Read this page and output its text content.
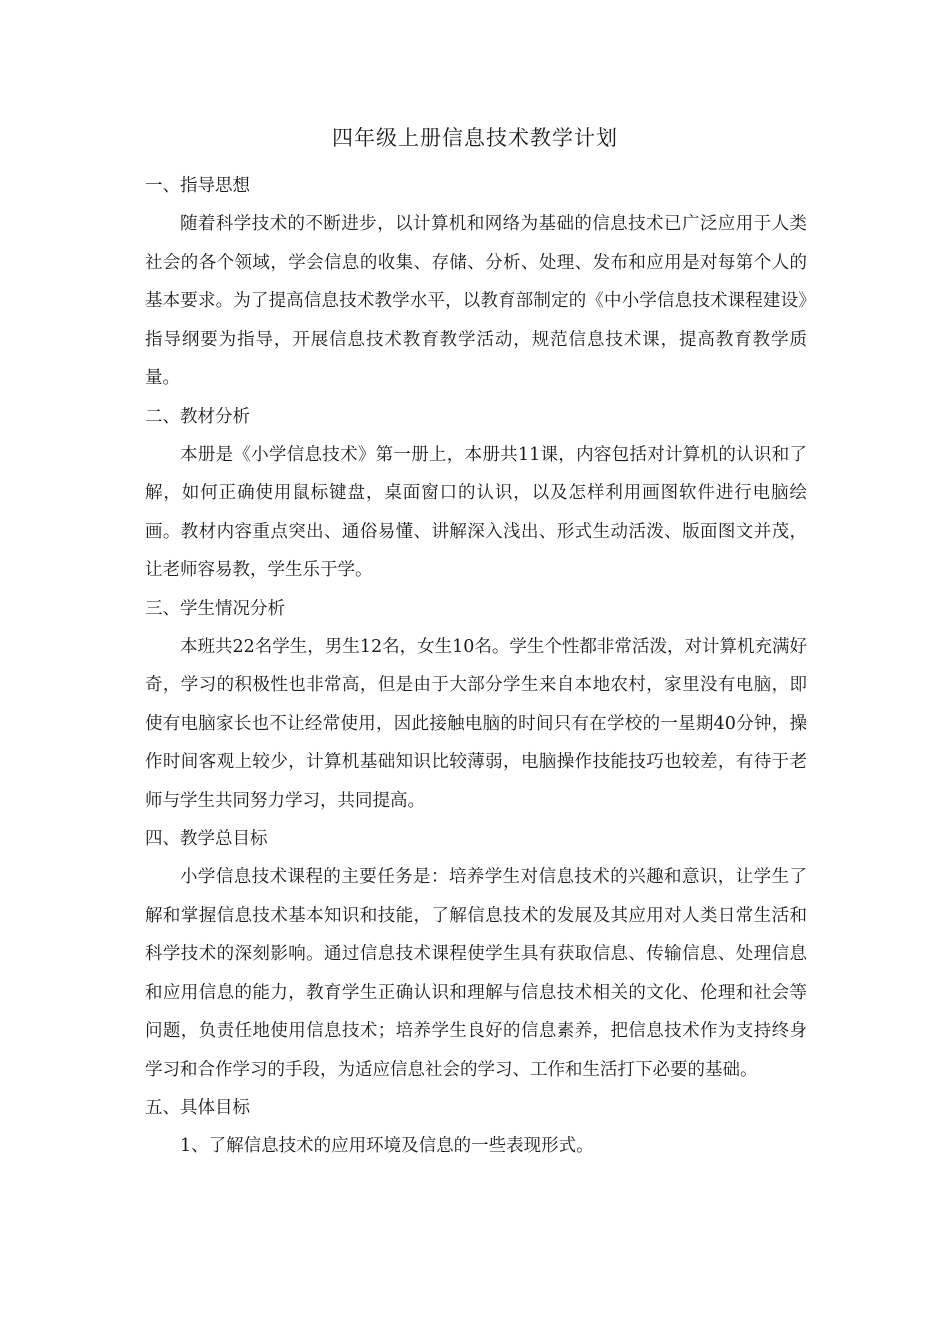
四年级上册信息技术教学计划

一、指导思想

随着科学技术的不断进步，以计算机和网络为基础的信息技术已广泛应用于人类社会的各个领域，学会信息的收集、存储、分析、处理、发布和应用是对每第个人的基本要求。为了提高信息技术教学水平，以教育部制定的《中小学信息技术课程建设》指导纲要为指导，开展信息技术教育教学活动，规范信息技术课，提高教育教学质量。

二、教材分析

本册是《小学信息技术》第一册上，本册共11课，内容包括对计算机的认识和了解，如何正确使用鼠标键盘，桌面窗口的认识，以及怎样利用画图软件进行电脑绘画。教材内容重点突出、通俗易懂、讲解深入浅出、形式生动活泼、版面图文并茂，让老师容易教，学生乐于学。

三、学生情况分析

本班共22名学生，男生12名，女生10名。学生个性都非常活泼，对计算机充满好奇，学习的积极性也非常高，但是由于大部分学生来自本地农村，家里没有电脑，即使有电脑家长也不让经常使用，因此接触电脑的时间只有在学校的一星期40分钟，操作时间客观上较少，计算机基础知识比较薄弱，电脑操作技能技巧也较差，有待于老师与学生共同努力学习，共同提高。

四、教学总目标

小学信息技术课程的主要任务是：培养学生对信息技术的兴趣和意识，让学生了解和掌握信息技术基本知识和技能，了解信息技术的发展及其应用对人类日常生活和科学技术的深刻影响。通过信息技术课程使学生具有获取信息、传输信息、处理信息和应用信息的能力，教育学生正确认识和理解与信息技术相关的文化、伦理和社会等问题，负责任地使用信息技术；培养学生良好的信息素养，把信息技术作为支持终身学习和合作学习的手段，为适应信息社会的学习、工作和生活打下必要的基础。

五、具体目标

1、了解信息技术的应用环境及信息的一些表现形式。
